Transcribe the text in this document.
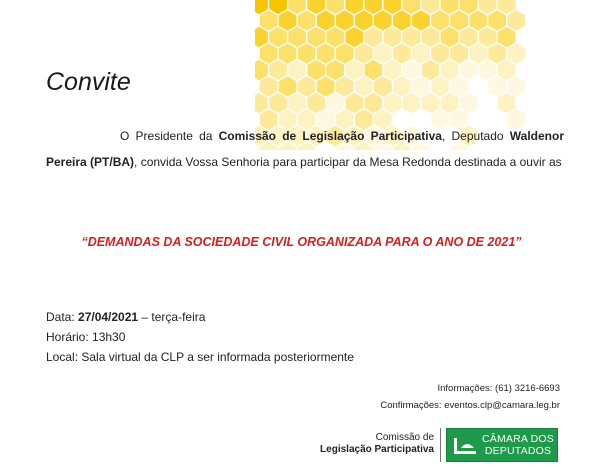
Convite
O Presidente da Comissão de Legislação Participativa, Deputado Waldenor Pereira (PT/BA), convida Vossa Senhoria para participar da Mesa Redonda destinada a ouvir as
“DEMANDAS DA SOCIEDADE CIVIL ORGANIZADA PARA O ANO DE 2021”
Data: 27/04/2021 – terça-feira
Horário: 13h30
Local: Sala virtual da CLP a ser informada posteriormente
Informações: (61) 3216-6693
Confirmações: eventos.clp@camara.leg.br
Comissão de
Legislação Participativa
CÂMARA DOS
DEPUTADOS
